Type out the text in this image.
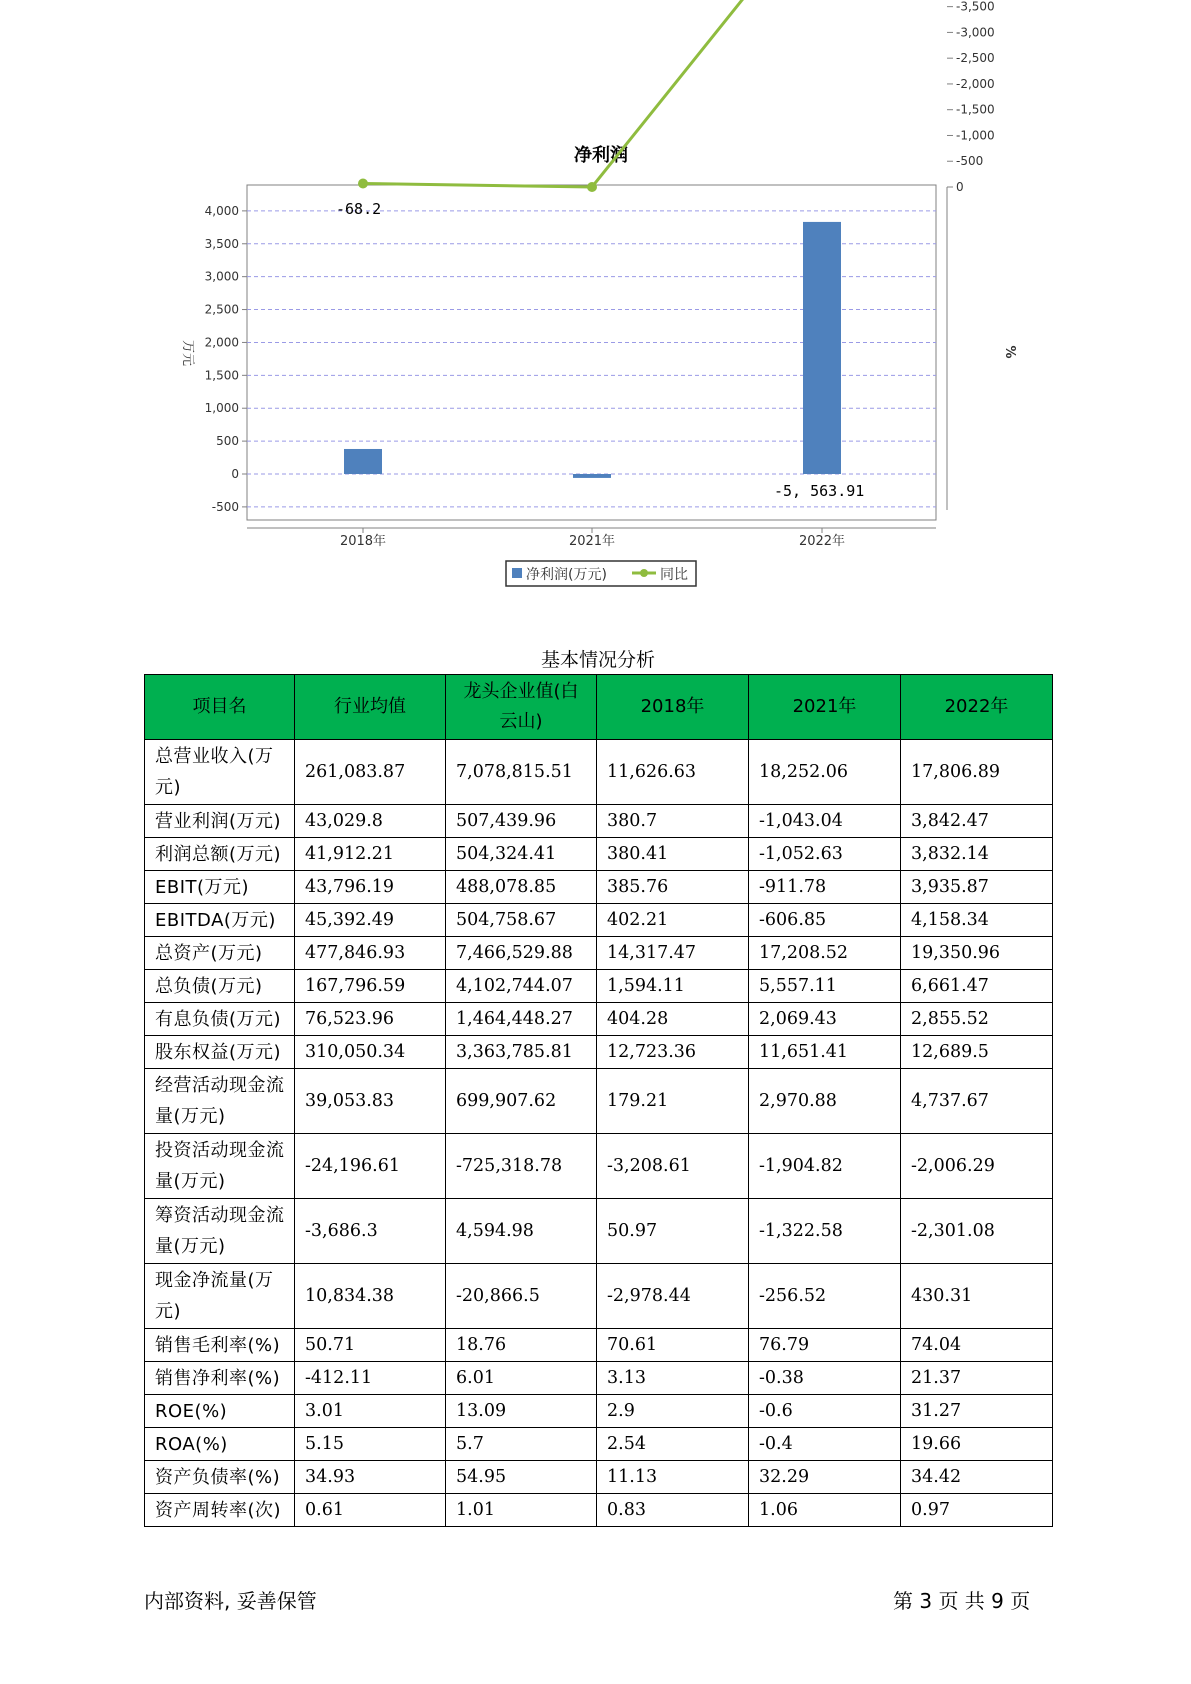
净利润
-500
0
500
1,000
1,500
2,000
2,500
3,000
3,500
4,000
0
-500
-1,000
-1,500
-2,000
-2,500
-3,000
-3,500
万元	%
-68.2
-5, 563.91
2018年	2021年	2022年
净利润(万元)	同比
基本情况分析
项目名	行业均值	龙头企业值(白云山)	2018年	2021年	2022年
总营业收入(万元)	261,083.87	7,078,815.51	11,626.63	18,252.06	17,806.89
营业利润(万元)	43,029.8	507,439.96	380.7	-1,043.04	3,842.47
利润总额(万元)	41,912.21	504,324.41	380.41	-1,052.63	3,832.14
EBIT(万元)	43,796.19	488,078.85	385.76	-911.78	3,935.87
EBITDA(万元)	45,392.49	504,758.67	402.21	-606.85	4,158.34
总资产(万元)	477,846.93	7,466,529.88	14,317.47	17,208.52	19,350.96
总负债(万元)	167,796.59	4,102,744.07	1,594.11	5,557.11	6,661.47
有息负债(万元)	76,523.96	1,464,448.27	404.28	2,069.43	2,855.52
股东权益(万元)	310,050.34	3,363,785.81	12,723.36	11,651.41	12,689.5
经营活动现金流量(万元)	39,053.83	699,907.62	179.21	2,970.88	4,737.67
投资活动现金流量(万元)	-24,196.61	-725,318.78	-3,208.61	-1,904.82	-2,006.29
筹资活动现金流量(万元)	-3,686.3	4,594.98	50.97	-1,322.58	-2,301.08
现金净流量(万元)	10,834.38	-20,866.5	-2,978.44	-256.52	430.31
销售毛利率(%)	50.71	18.76	70.61	76.79	74.04
销售净利率(%)	-412.11	6.01	3.13	-0.38	21.37
ROE(%)	3.01	13.09	2.9	-0.6	31.27
ROA(%)	5.15	5.7	2.54	-0.4	19.66
资产负债率(%)	34.93	54.95	11.13	32.29	34.42
资产周转率(次)	0.61	1.01	0.83	1.06	0.97
内部资料, 妥善保管	第 3 页 共 9 页
